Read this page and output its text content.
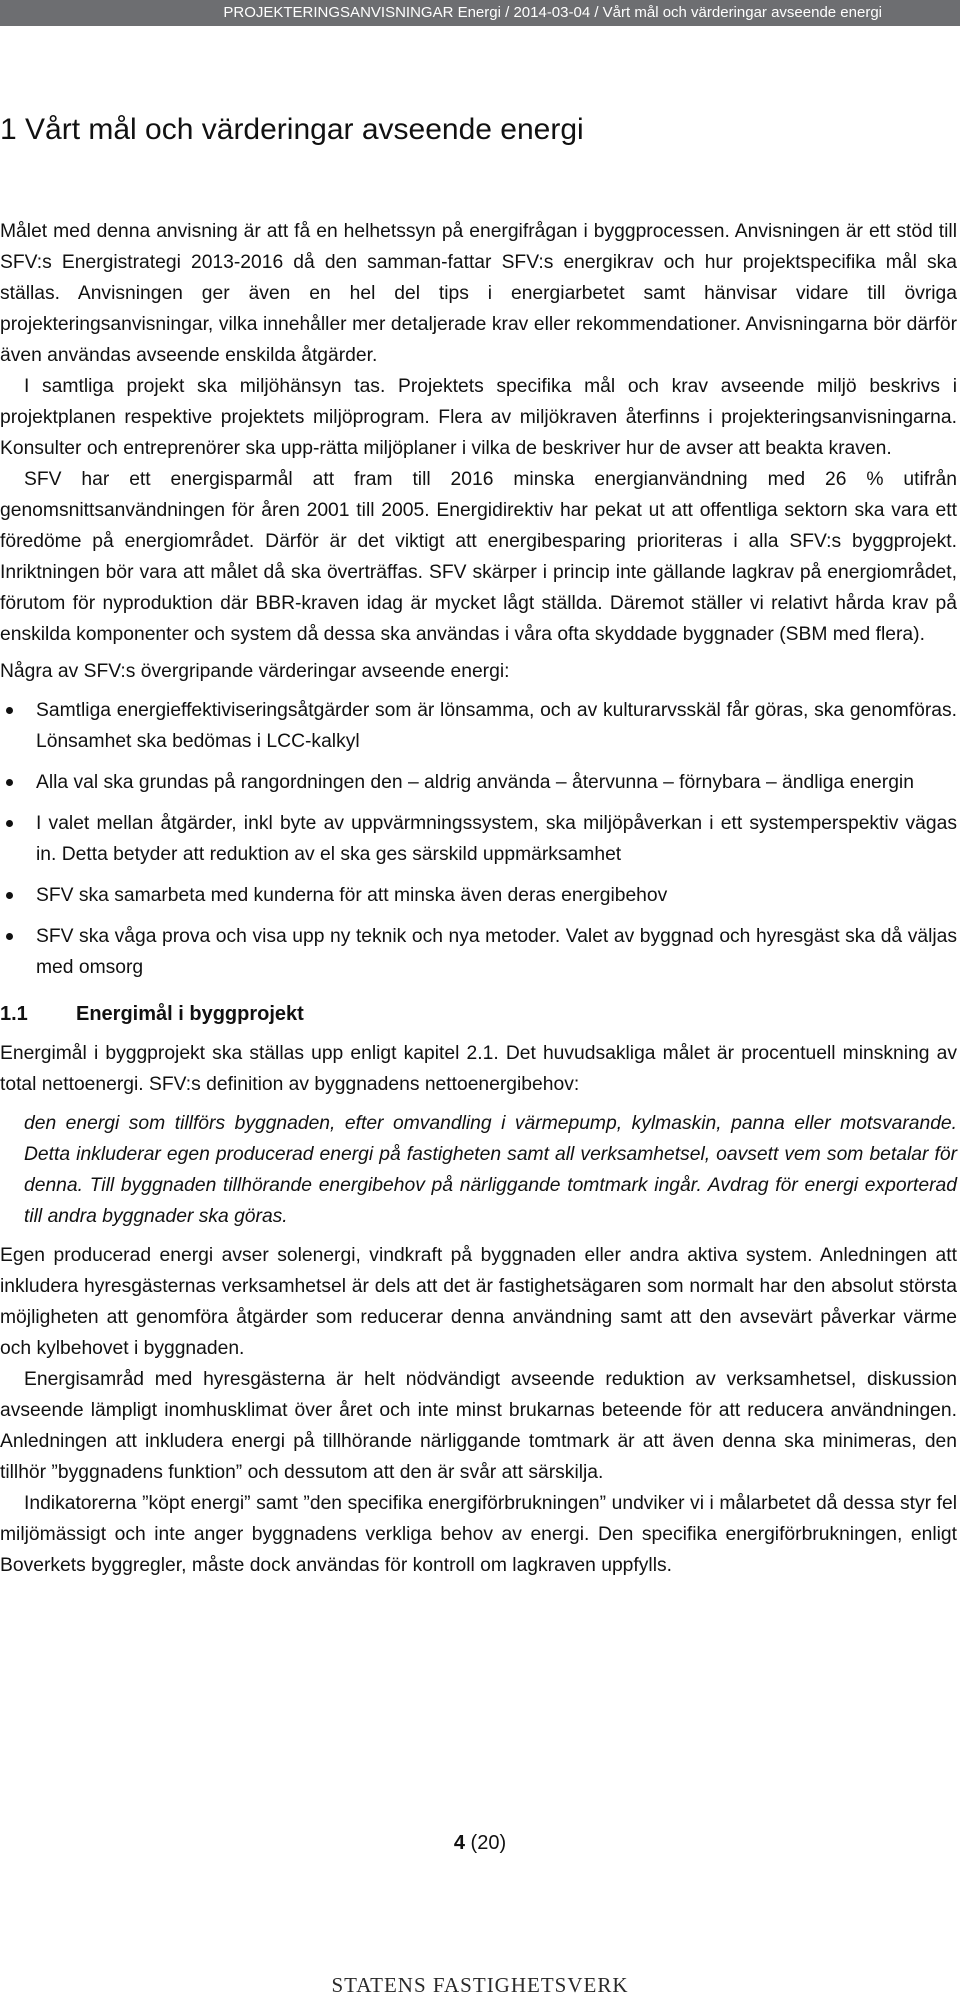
PROJEKTERINGSANVISNINGAR Energi / 2014-03-04 / Vårt mål och värderingar avseende energi
1 Vårt mål och värderingar avseende energi

Målet med denna anvisning är att få en helhetssyn på energifrågan i byggprocessen. Anvisningen är ett stöd till SFV:s Energistrategi 2013-2016 då den samman-fattar SFV:s energikrav och hur projektspecifika mål ska ställas. Anvisningen ger även en hel del tips i energiarbetet samt hänvisar vidare till övriga projekteringsanvisningar, vilka innehåller mer detaljerade krav eller rekommendationer. Anvisningarna bör därför även användas avseende enskilda åtgärder.

I samtliga projekt ska miljöhänsyn tas. Projektets specifika mål och krav avseende miljö beskrivs i projektplanen respektive projektets miljöprogram. Flera av miljökraven återfinns i projekteringsanvisningarna. Konsulter och entreprenörer ska upp-rätta miljöplaner i vilka de beskriver hur de avser att beakta kraven.

SFV har ett energisparmål att fram till 2016 minska energianvändning med 26 % utifrån genomsnittsanvändningen för åren 2001 till 2005. Energidirektiv har pekat ut att offentliga sektorn ska vara ett föredöme på energiområdet. Därför är det viktigt att energibesparing prioriteras i alla SFV:s byggprojekt. Inriktningen bör vara att målet då ska överträffas. SFV skärper i princip inte gällande lagkrav på energiområdet, förutom för nyproduktion där BBR-kraven idag är mycket lågt ställda. Däremot ställer vi relativt hårda krav på enskilda komponenter och system då dessa ska användas i våra ofta skyddade byggnader (SBM med flera).

Några av SFV:s övergripande värderingar avseende energi:

Samtliga energieffektiviseringsåtgärder som är lönsamma, och av kulturarvsskäl får göras, ska genomföras. Lönsamhet ska bedömas i LCC-kalkyl
Alla val ska grundas på rangordningen den – aldrig använda – återvunna – förnybara – ändliga energin
I valet mellan åtgärder, inkl byte av uppvärmningssystem, ska miljöpåverkan i ett systemperspektiv vägas in. Detta betyder att reduktion av el ska ges särskild uppmärksamhet
SFV ska samarbeta med kunderna för att minska även deras energibehov
SFV ska våga prova och visa upp ny teknik och nya metoder. Valet av byggnad och hyresgäst ska då väljas med omsorg
1.1 Energimål i byggprojekt

Energimål i byggprojekt ska ställas upp enligt kapitel 2.1. Det huvudsakliga målet är procentuell minskning av total nettoenergi. SFV:s definition av byggnadens nettoenergibehov:

den energi som tillförs byggnaden, efter omvandling i värmepump, kylmaskin, panna eller motsvarande. Detta inkluderar egen producerad energi på fastigheten samt all verksamhetsel, oavsett vem som betalar för denna. Till byggnaden tillhörande energibehov på närliggande tomtmark ingår. Avdrag för energi exporterad till andra byggnader ska göras.

Egen producerad energi avser solenergi, vindkraft på byggnaden eller andra aktiva system. Anledningen att inkludera hyresgästernas verksamhetsel är dels att det är fastighetsägaren som normalt har den absolut största möjligheten att genomföra åtgärder som reducerar denna användning samt att den avsevärt påverkar värme och kylbehovet i byggnaden.

Energisamråd med hyresgästerna är helt nödvändigt avseende reduktion av verksamhetsel, diskussion avseende lämpligt inomhusklimat över året och inte minst brukarnas beteende för att reducera användningen. Anledningen att inkludera energi på tillhörande närliggande tomtmark är att även denna ska minimeras, den tillhör ”byggnadens funktion” och dessutom att den är svår att särskilja.

Indikatorerna ”köpt energi” samt ”den specifika energiförbrukningen” undviker vi i målarbetet då dessa styr fel miljömässigt och inte anger byggnadens verkliga behov av energi. Den specifika energiförbrukningen, enligt Boverkets byggregler, måste dock användas för kontroll om lagkraven uppfylls.

4 (20)
STATENS FASTIGHETSVERK
